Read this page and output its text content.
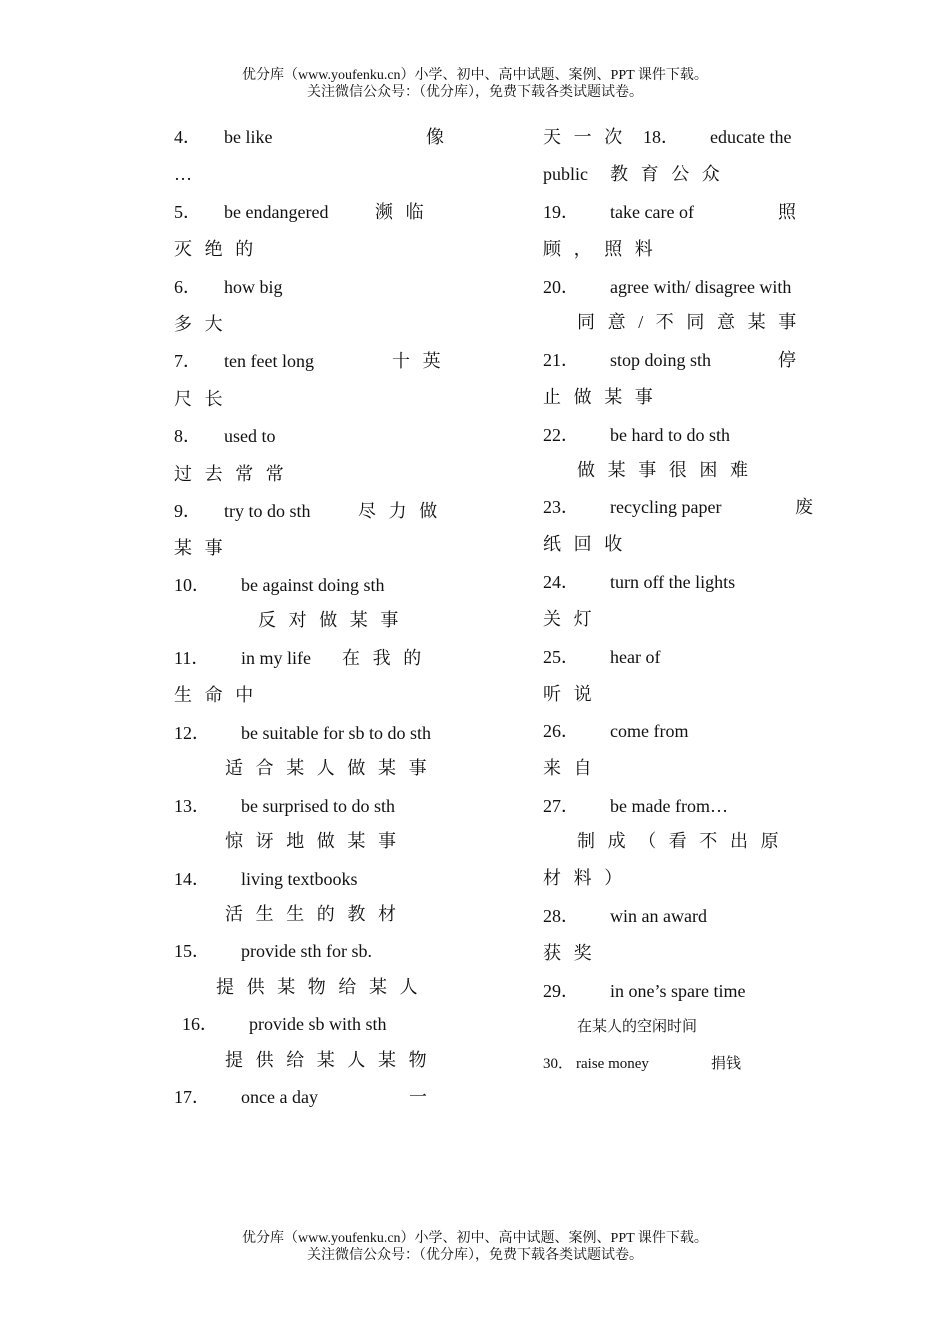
优分库（www.youfenku.cn）小学、初中、高中试题、案例、PPT 课件下载。
关注微信公众号：（优分库），免费下载各类试题试卷。
4． be like	像
…
5． be endangered	濒临
灭绝的
6． how big
多大
7． ten feet long	十英
尺长
8． used to
过去常常
9． try to do sth	尽力做
某事
10． be against doing sth
反对做某事
11． in my life 在我的
生命中
12． be suitable for sb to do sth
适合某人做某事
13． be surprised to do sth
惊讶地做某事
14． living textbooks
活生生的教材
15． provide sth for sb.
提供某物给某人
16． provide sb with sth
提供给某人某物
17． once a day	一
天一次 18． educate the
public 教育公众
19． take care of	照
顾，照料
20． agree with/ disagree with
同意/不同意某事
21． stop doing sth	停
止做某事
22． be hard to do sth
做某事很困难
23． recycling paper	废
纸回收
24． turn off the lights
关灯
25． hear of
听说
26． come from
来自
27． be made from…
制成（看不出原
材料）
28． win an award
获奖
29． in one’s spare time
在某人的空闲时间
30． raise money	捐钱
优分库（www.youfenku.cn）小学、初中、高中试题、案例、PPT 课件下载。
关注微信公众号：（优分库），免费下载各类试题试卷。
